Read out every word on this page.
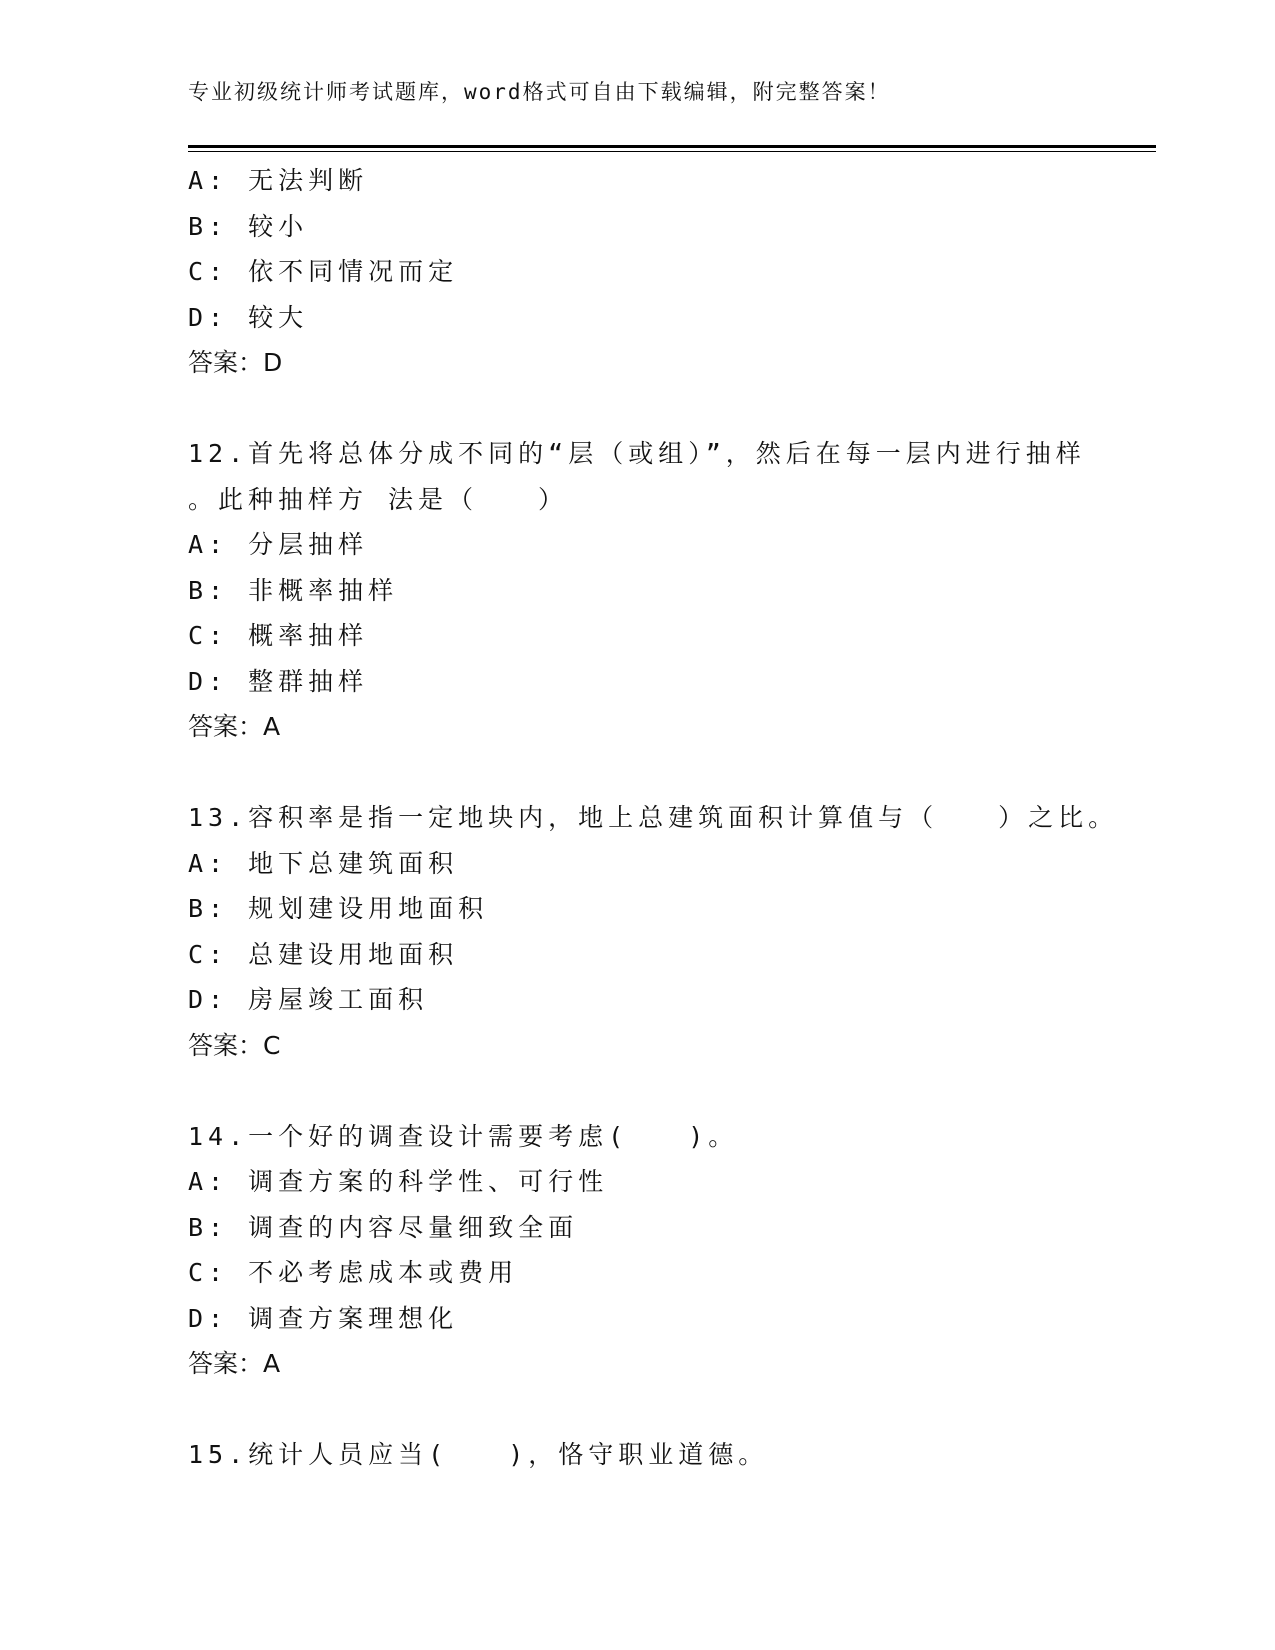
专业初级统计师考试题库，word格式可自由下载编辑，附完整答案！
A: 无法判断
B: 较小
C: 依不同情况而定
D: 较大
答案：D
12.首先将总体分成不同的“层（或组）”，然后在每一层内进行抽样
。此种抽样方 法是（　　）
A: 分层抽样
B: 非概率抽样
C: 概率抽样
D: 整群抽样
答案：A
13.容积率是指一定地块内，地上总建筑面积计算值与（　　）之比。
A: 地下总建筑面积
B: 规划建设用地面积
C: 总建设用地面积
D: 房屋竣工面积
答案：C
14.一个好的调查设计需要考虑(　　)。
A: 调查方案的科学性、可行性
B: 调查的内容尽量细致全面
C: 不必考虑成本或费用
D: 调查方案理想化
答案：A
15.统计人员应当(　　)，恪守职业道德。
